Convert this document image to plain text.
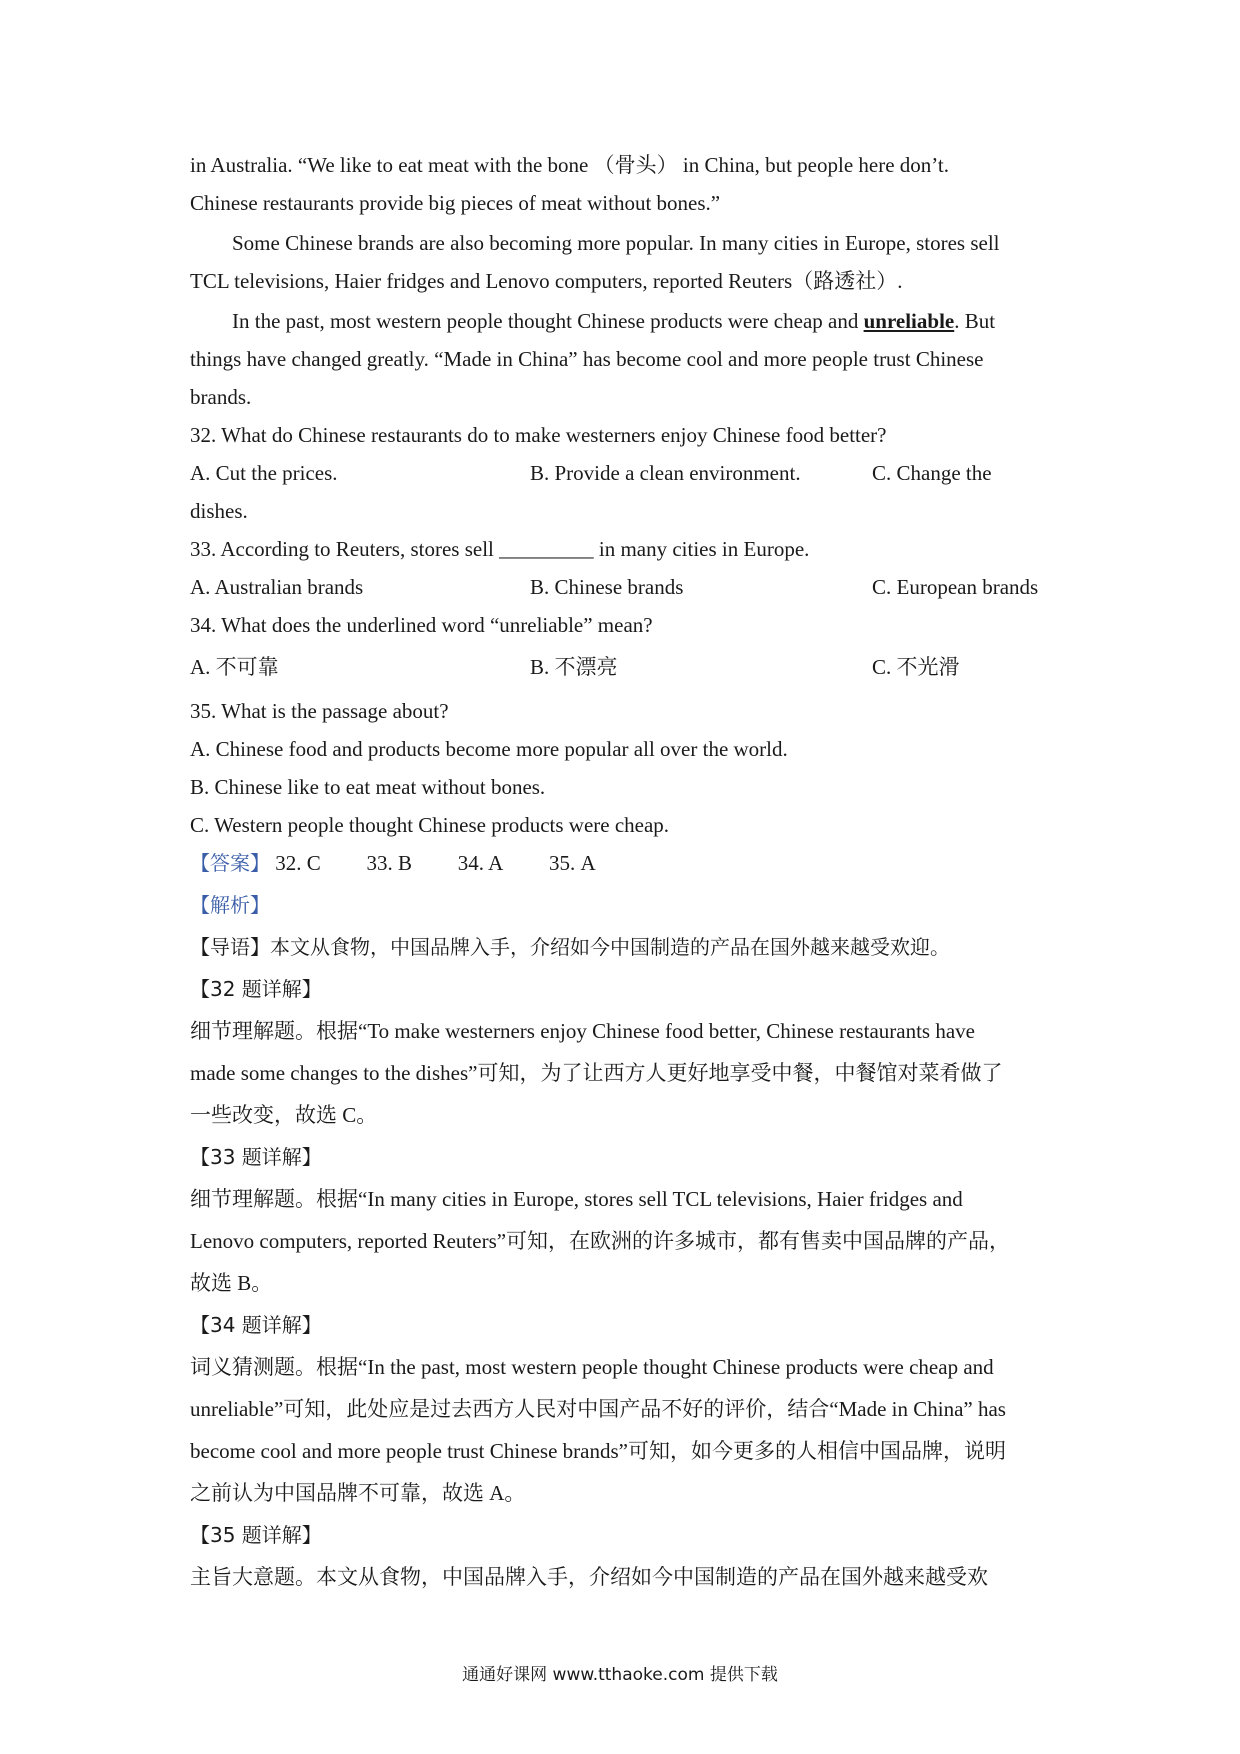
in Australia. “We like to eat meat with the bone （骨头） in China, but people here don’t.
Chinese restaurants provide big pieces of meat without bones.”
Some Chinese brands are also becoming more popular. In many cities in Europe, stores sell
TCL televisions, Haier fridges and Lenovo computers, reported Reuters（路透社）.
In the past, most western people thought Chinese products were cheap and unreliable. But
things have changed greatly. “Made in China” has become cool and more people trust Chinese
brands.
32. What do Chinese restaurants do to make westerners enjoy Chinese food better?
A. Cut the prices.	B. Provide a clean environment.	C. Change the
dishes.
33. According to Reuters, stores sell _________ in many cities in Europe.
A. Australian brands	B. Chinese brands	C. European brands
34. What does the underlined word “unreliable” mean?
A. 不可靠	B. 不漂亮	C. 不光滑
35. What is the passage about?
A. Chinese food and products become more popular all over the world.
B. Chinese like to eat meat without bones.
C. Western people thought Chinese products were cheap.
【答案】 32. C 33. B 34. A 35. A
【解析】
【导语】本文从食物，中国品牌入手，介绍如今中国制造的产品在国外越来越受欢迎。
【32 题详解】
细节理解题。根据“To make westerners enjoy Chinese food better, Chinese restaurants have
made some changes to the dishes”可知，为了让西方人更好地享受中餐，中餐馆对菜肴做了
一些改变，故选 C。
【33 题详解】
细节理解题。根据“In many cities in Europe, stores sell TCL televisions, Haier fridges and
Lenovo computers, reported Reuters”可知，在欧洲的许多城市，都有售卖中国品牌的产品，
故选 B。
【34 题详解】
词义猜测题。根据“In the past, most western people thought Chinese products were cheap and
unreliable”可知，此处应是过去西方人民对中国产品不好的评价，结合“Made in China” has
become cool and more people trust Chinese brands”可知，如今更多的人相信中国品牌，说明
之前认为中国品牌不可靠，故选 A。
【35 题详解】
主旨大意题。本文从食物，中国品牌入手，介绍如今中国制造的产品在国外越来越受欢
通通好课网 www.tthaoke.com 提供下载
